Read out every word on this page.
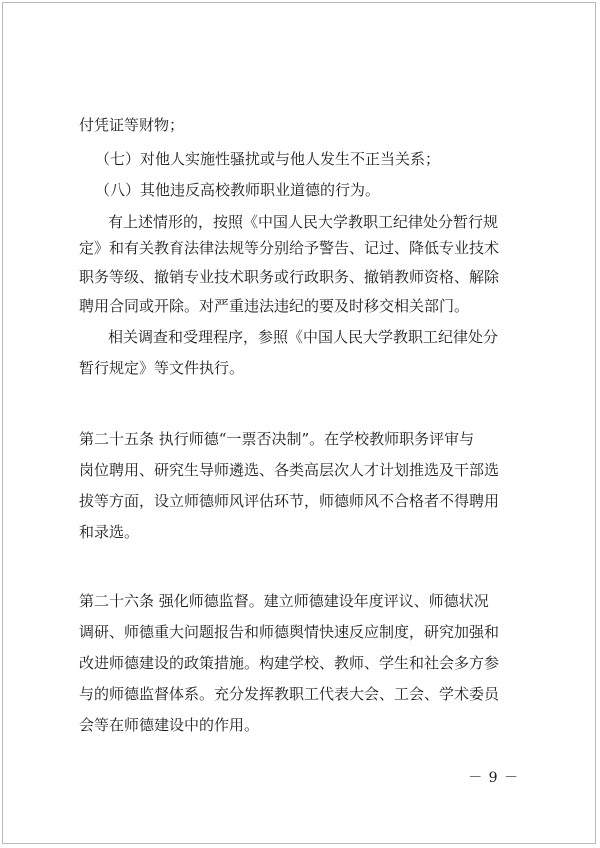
付凭证等财物；
（七）对他人实施性骚扰或与他人发生不正当关系；
（八）其他违反高校教师职业道德的行为。
有上述情形的，按照《中国人民大学教职工纪律处分暂行规
定》和有关教育法律法规等分别给予警告、记过、降低专业技术
职务等级、撤销专业技术职务或行政职务、撤销教师资格、解除
聘用合同或开除。对严重违法违纪的要及时移交相关部门。
相关调查和受理程序，参照《中国人民大学教职工纪律处分
暂行规定》等文件执行。
第二十五条 执行师德“一票否决制”。在学校教师职务评审与
岗位聘用、研究生导师遴选、各类高层次人才计划推选及干部选
拔等方面，设立师德师风评估环节，师德师风不合格者不得聘用
和录选。
第二十六条 强化师德监督。建立师德建设年度评议、师德状况
调研、师德重大问题报告和师德舆情快速反应制度，研究加强和
改进师德建设的政策措施。构建学校、教师、学生和社会多方参
与的师德监督体系。充分发挥教职工代表大会、工会、学术委员
会等在师德建设中的作用。
－ 9 －
